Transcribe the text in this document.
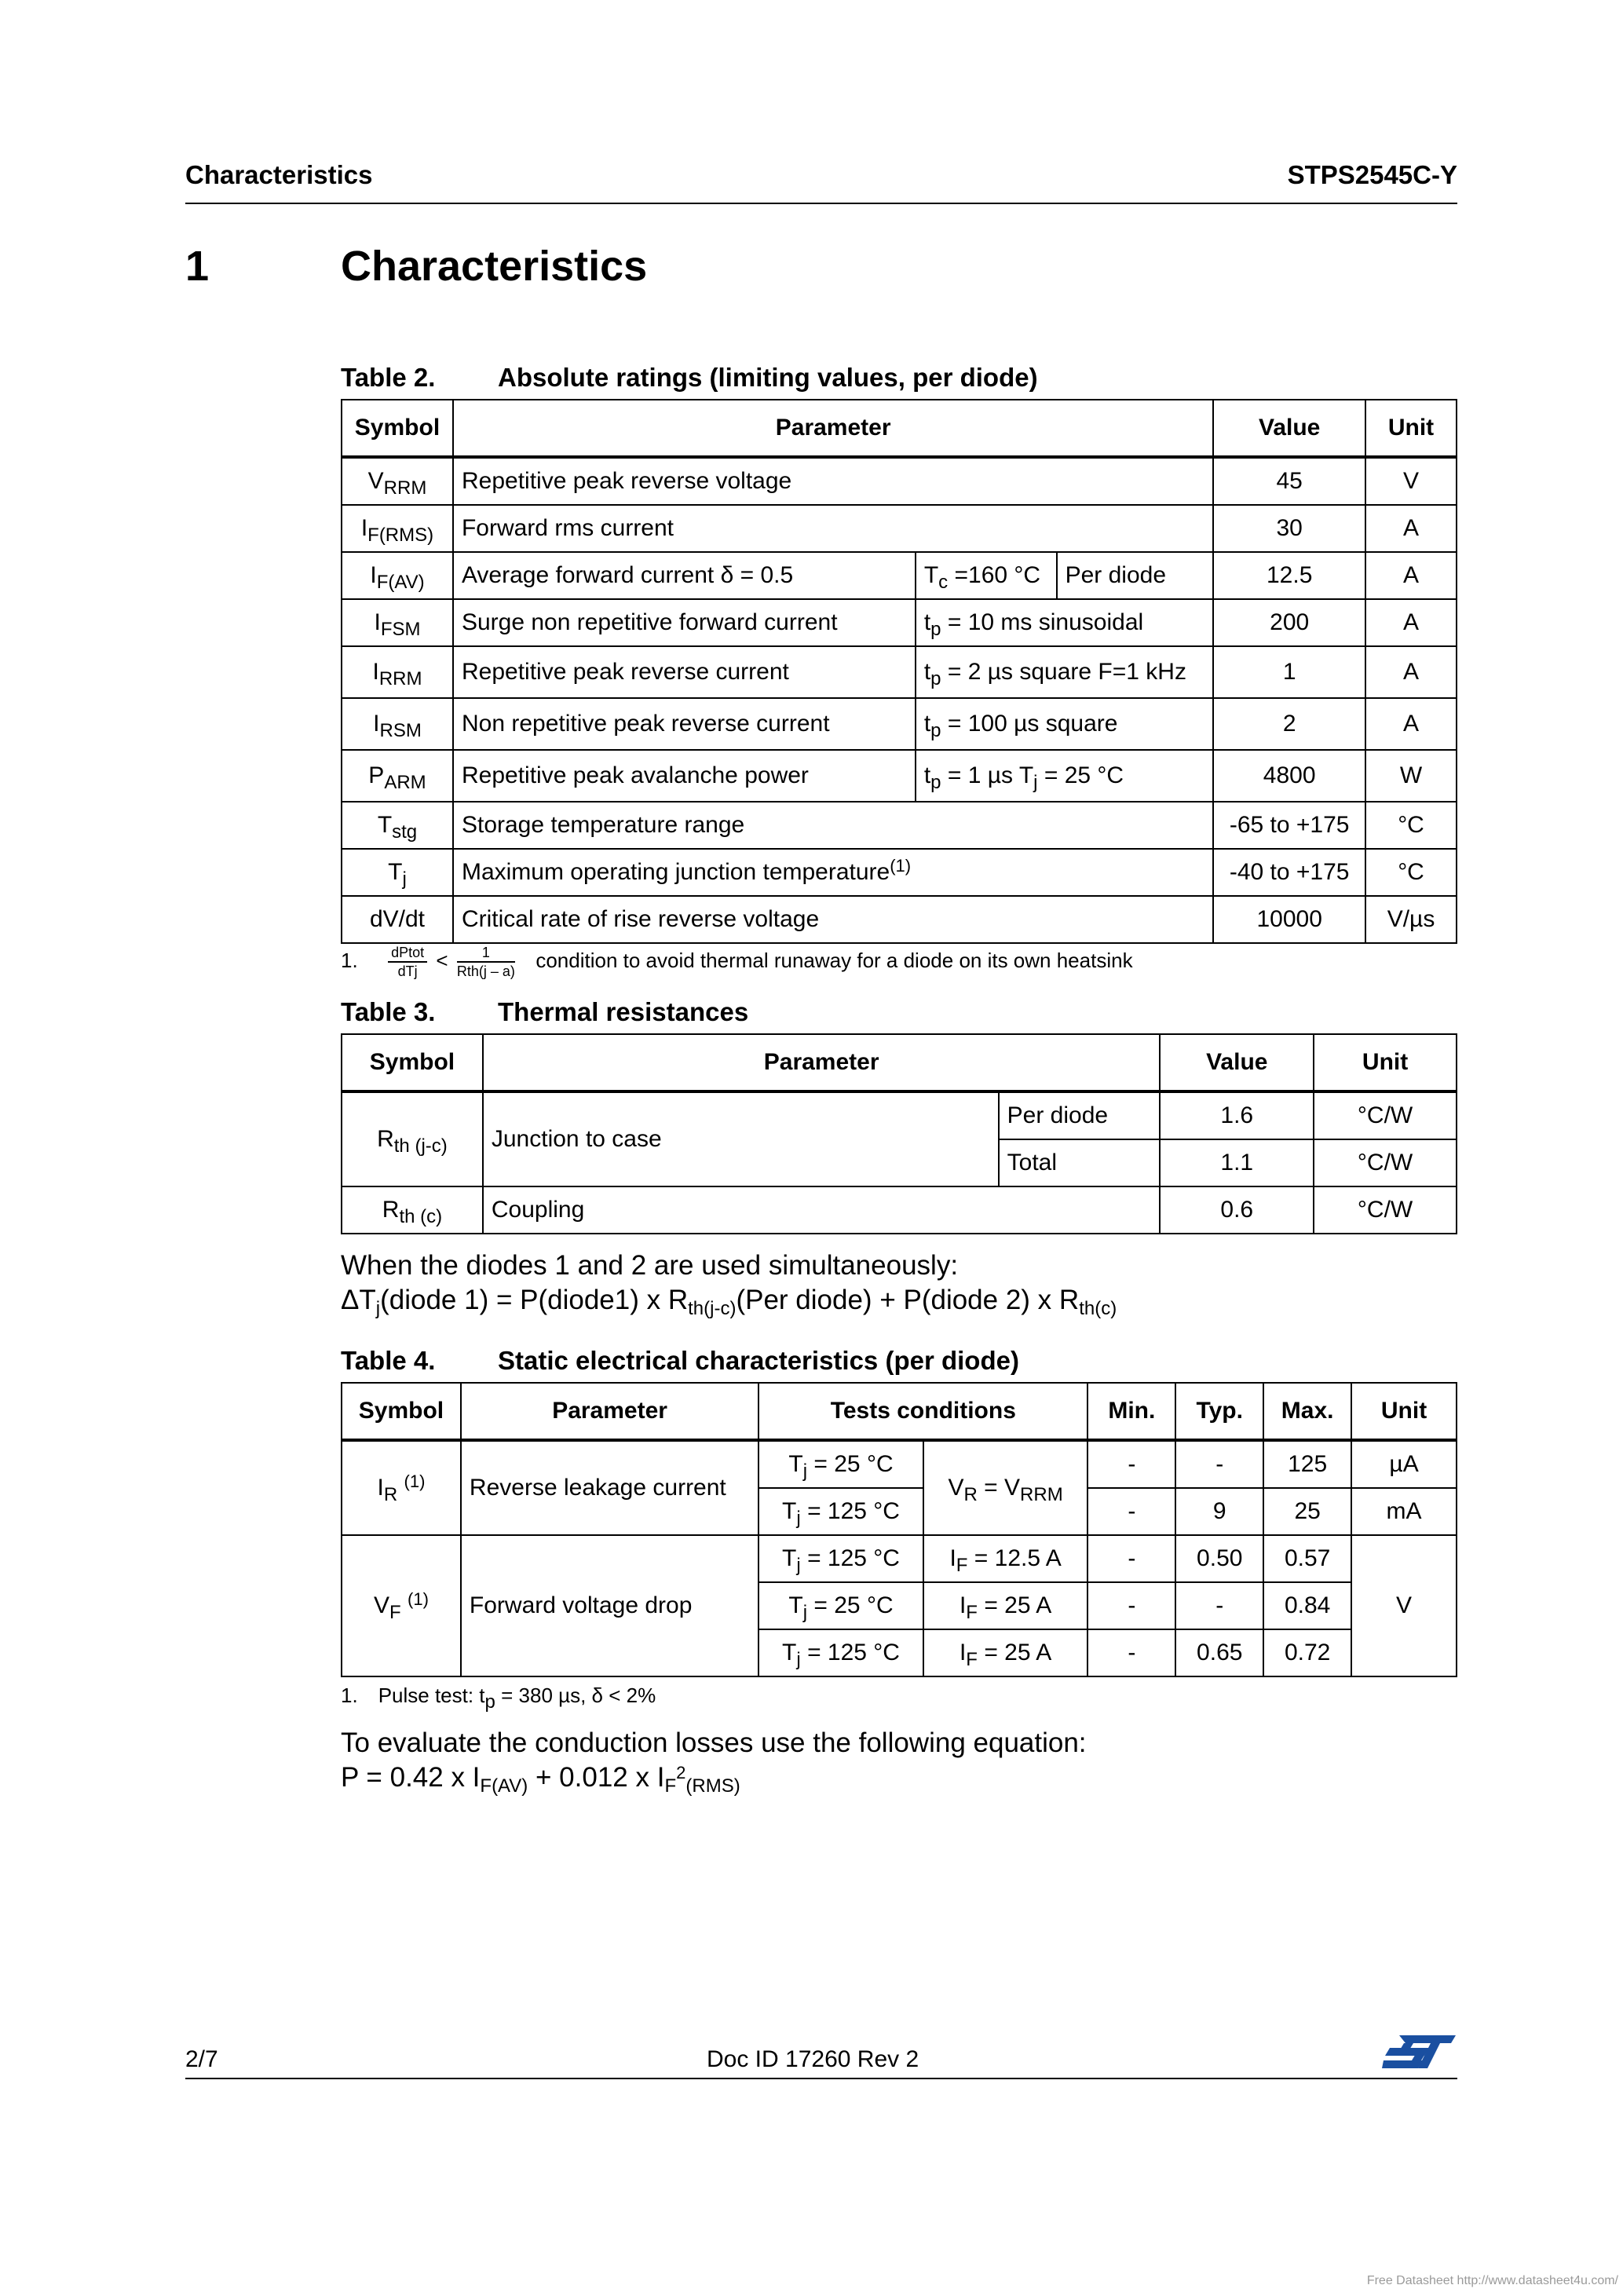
Characteristics	STPS2545C-Y
1	Characteristics
Table 2. Absolute ratings (limiting values, per diode)
Symbol	Parameter			Value	Unit
$V_{RRM}$	Repetitive peak reverse voltage			45	V
$I_{F(RMS)}$	Forward rms current			30	A
$I_{F(AV)}$	Average forward current δ = 0.5	$T_c =160$ °C	Per diode	12.5	A
$I_{FSM}$	Surge non repetitive forward current	$t_p = 10$ ms sinusoidal		200	A
$I_{RRM}$	Repetitive peak reverse current	$t_p = 2$ µs square F=1 kHz		1	A
$I_{RSM}$	Non repetitive peak reverse current	$t_p = 100$ µs square		2	A
$P_{ARM}$	Repetitive peak avalanche power	$t_p = 1$ µs $T_j = 25$ °C		4800	W
$T_{stg}$	Storage temperature range			-65 to +175	°C
$T_j$	Maximum operating junction temperature$^{(1)}$			-40 to +175	°C
dV/dt	Critical rate of rise reverse voltage			10000	V/µs
1. $\frac{\text{dPtot}}{\text{dTj}} < \frac{1}{\text{Rth(j – a)}}$ condition to avoid thermal runaway for a diode on its own heatsink
Table 3. Thermal resistances
Symbol	Parameter		Value	Unit
$R_{th (j-c)}$	Junction to case	Per diode	1.6	°C/W
		Total	1.1	°C/W
$R_{th (c)}$	Coupling		0.6	°C/W
When the diodes 1 and 2 are used simultaneously:
$\Delta T_j(diode$ 1) = P(diode1) x $R_{th(j-c)}(Per$ diode) + P(diode 2) x $R_{th(c)}$
Table 4. Static electrical characteristics (per diode)
Symbol	Parameter	Tests conditions		Min.	Typ.	Max.	Unit
$I_R$ $^{(1)}$	Reverse leakage current	$T_j = 25$ °C	$V_R = V_{RRM}$	-	-	125	µA
		$T_j = 125$ °C		-	9	25	mA
$V_F$ $^{(1)}$	Forward voltage drop	$T_j = 125$ °C	$I_F = 12.5$ A	-	0.50	0.57	V
		$T_j = 25$ °C	$I_F = 25$ A	-	-	0.84	
		$T_j = 125$ °C	$I_F = 25$ A	-	0.65	0.72	
1. Pulse test: $t_p = 380$ µs, δ < 2%
To evaluate the conduction losses use the following equation:
P = 0.42 x $I_{F(AV)} + 0.012$ x $I_F^2_{(RMS)}$
2/7	Doc ID 17260 Rev 2
ST
Free Datasheet http://www.datasheet4u.com/
